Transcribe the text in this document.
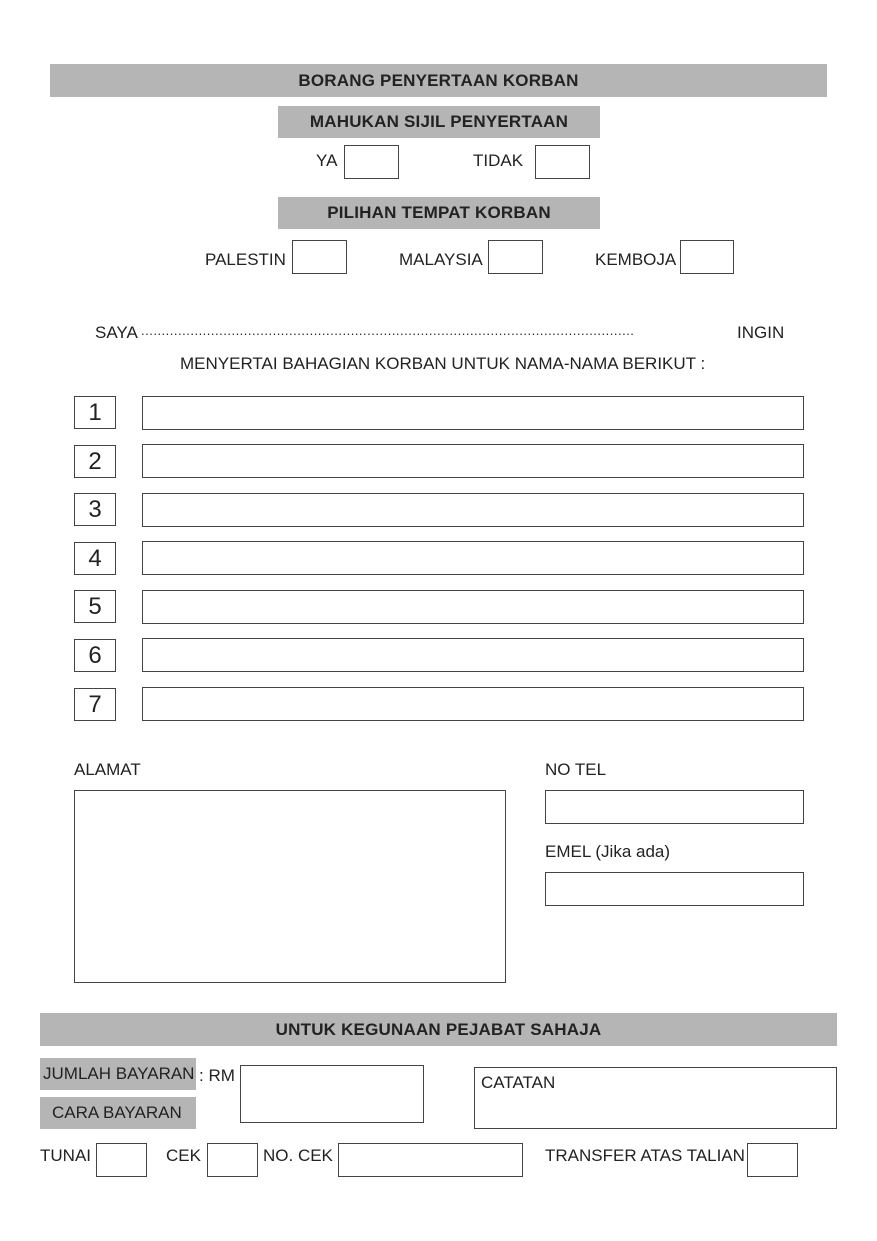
BORANG PENYERTAAN KORBAN
MAHUKAN SIJIL PENYERTAAN
YA	TIDAK
PILIHAN TEMPAT KORBAN
PALESTIN	MALAYSIA	KEMBOJA
SAYA ........................................................................................................................	INGIN
MENYERTAI BAHAGIAN KORBAN UNTUK NAMA-NAMA BERIKUT :
1
2
3
4
5
6
7
ALAMAT	NO TEL
EMEL (Jika ada)
UNTUK KEGUNAAN PEJABAT SAHAJA
JUMLAH BAYARAN : RM
CARA BAYARAN
CATATAN
TUNAI	CEK	NO. CEK	TRANSFER ATAS TALIAN
